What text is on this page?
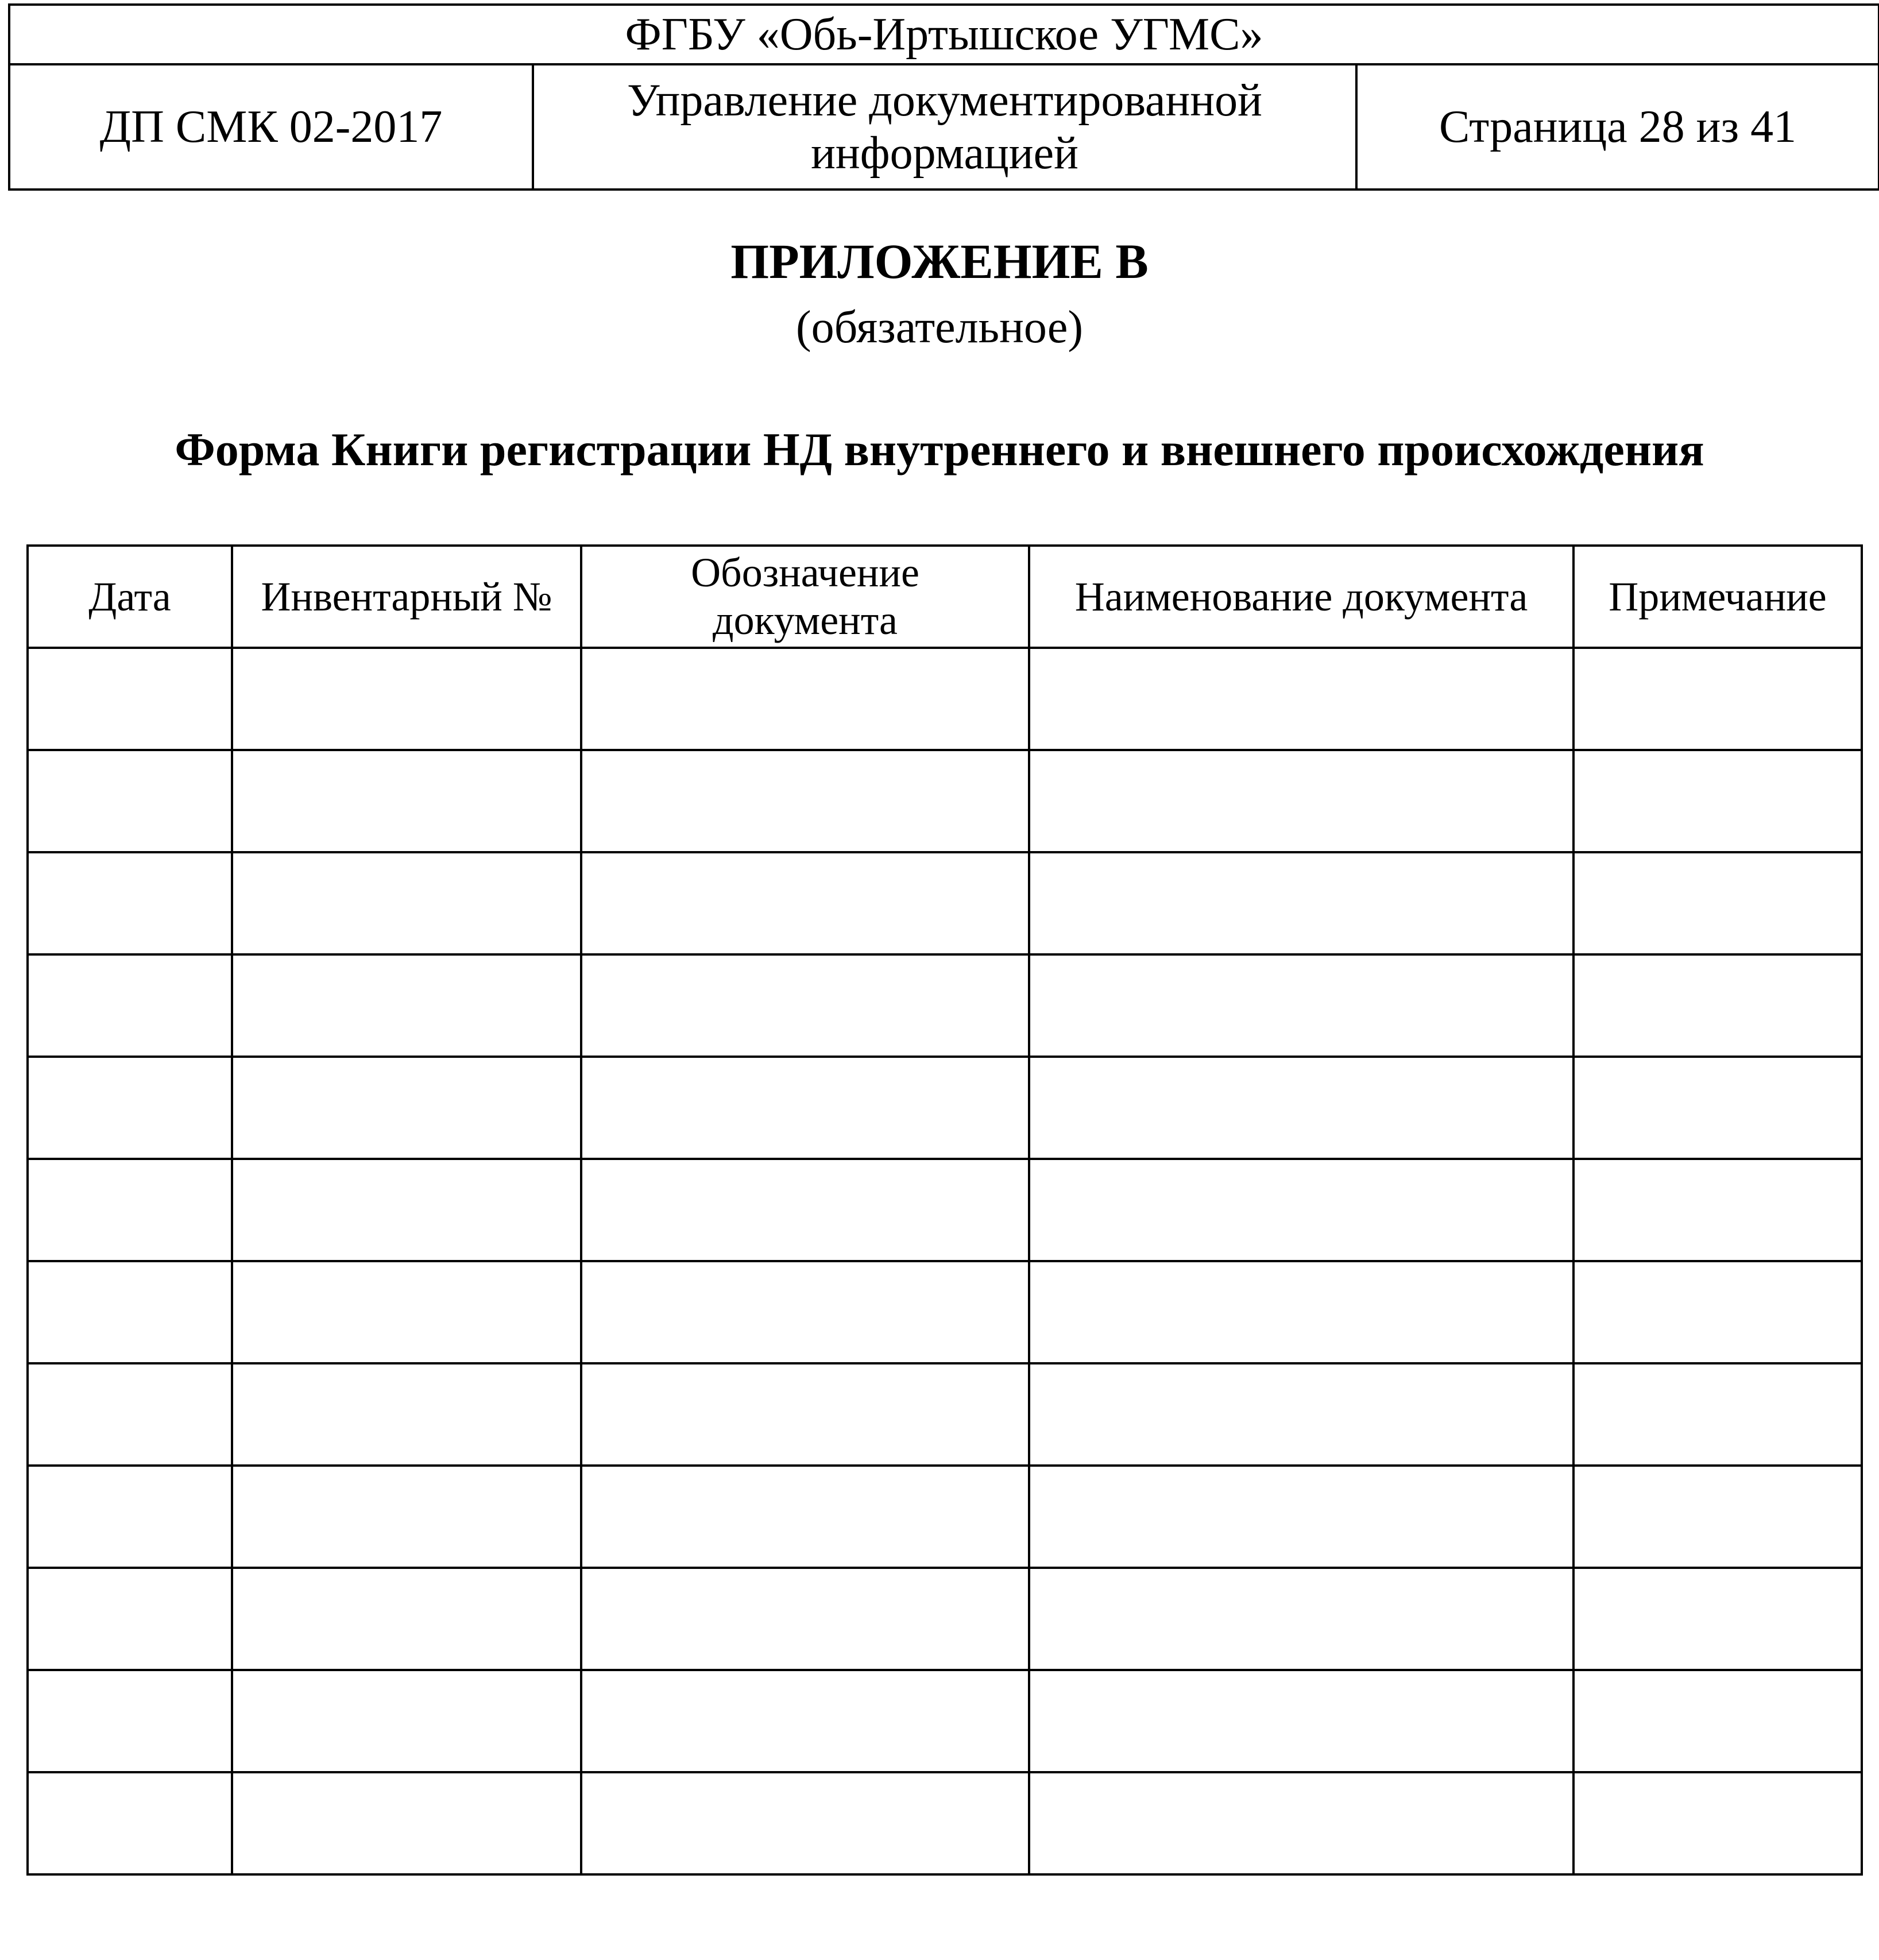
ФГБУ «Обь-Иртышское УГМС»
ДП СМК 02-2017	Управление документированной информацией	Страница 28 из 41
ПРИЛОЖЕНИЕ В
(обязательное)
Форма Книги регистрации НД внутреннего и внешнего происхождения
Дата	Инвентарный №	Обозначение документа	Наименование документа	Примечание
